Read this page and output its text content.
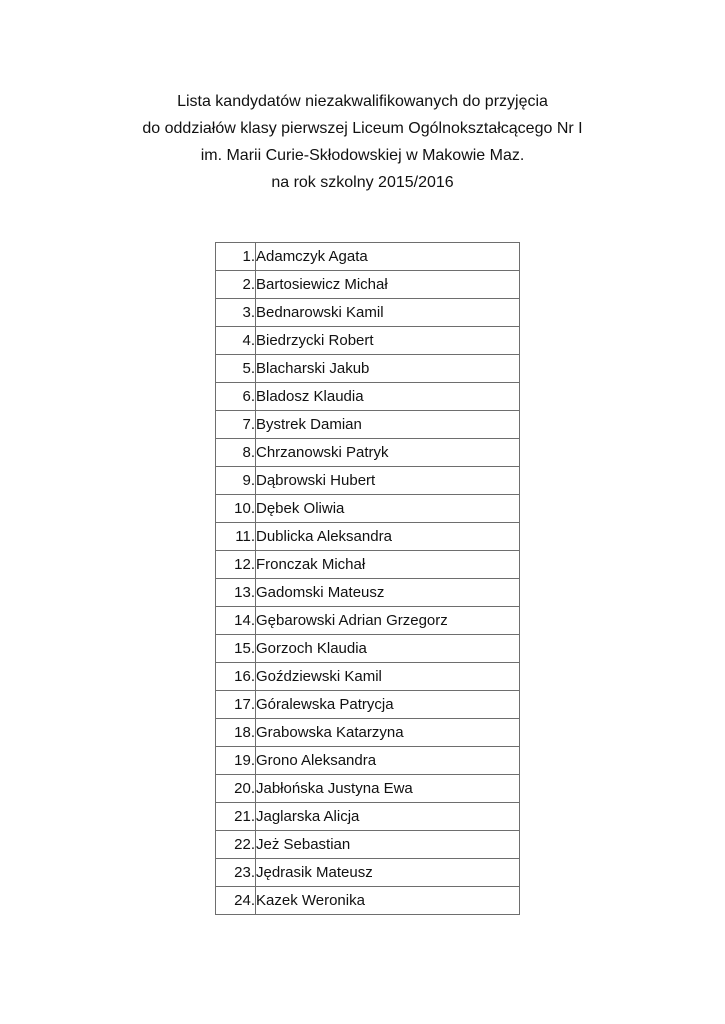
Lista kandydatów niezakwalifikowanych do przyjęcia
do oddziałów klasy pierwszej Liceum Ogólnokształcącego Nr I
im. Marii Curie-Skłodowskiej w Makowie Maz.
na rok szkolny 2015/2016
1.	Adamczyk Agata
2.	Bartosiewicz Michał
3.	Bednarowski Kamil
4.	Biedrzycki Robert
5.	Blacharski Jakub
6.	Bladosz Klaudia
7.	Bystrek Damian
8.	Chrzanowski Patryk
9.	Dąbrowski Hubert
10.	Dębek Oliwia
11.	Dublicka Aleksandra
12.	Fronczak Michał
13.	Gadomski Mateusz
14.	Gębarowski Adrian Grzegorz
15.	Gorzoch Klaudia
16.	Goździewski Kamil
17.	Góralewska Patrycja
18.	Grabowska Katarzyna
19.	Grono Aleksandra
20.	Jabłońska Justyna Ewa
21.	Jaglarska Alicja
22.	Jeż Sebastian
23.	Jędrasik Mateusz
24.	Kazek Weronika
